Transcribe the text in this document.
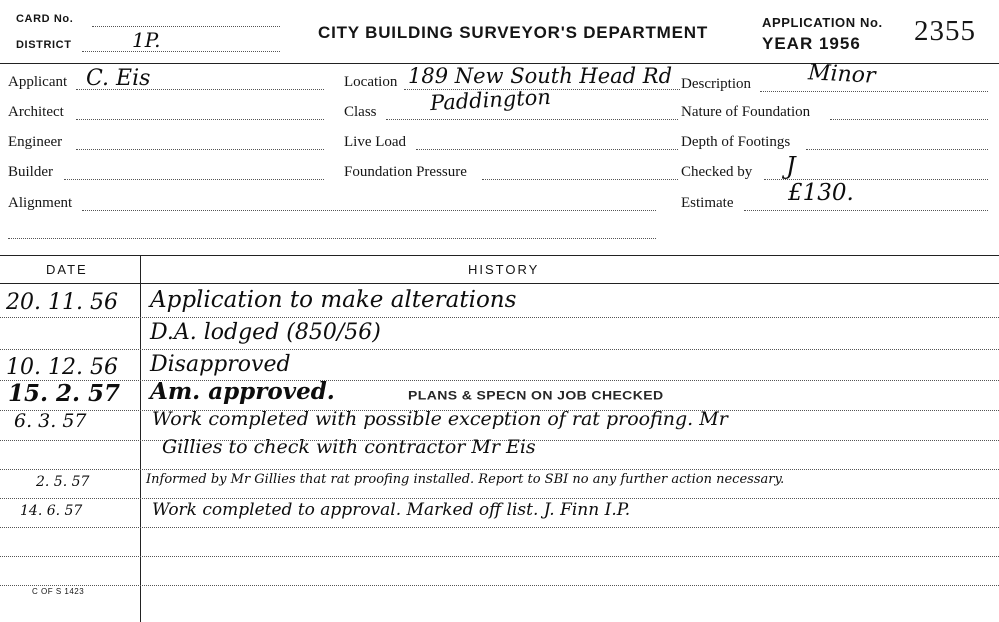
CARD No.
DISTRICT	1P.	CITY BUILDING SURVEYOR'S DEPARTMENT
APPLICATION No.
YEAR 1956 2355
Applicant C. Eis
Architect
Engineer
Builder
Alignment
Location 189 New South Head Rd
Class	Paddington
Live Load
Foundation Pressure
Description	Minor
Nature of Foundation
Depth of Footings
Checked by J
Estimate £130.
DATE	HISTORY
20. 11. 56 Application to make alterations
D.A. lodged (850/56)
10. 12. 56 Disapproved
15. 2. 57 Am. approved.	PLANS & SPECN ON JOB CHECKED
6. 3. 57	Work completed with possible exception of rat proofing. Mr
Gillies to check with contractor Mr Eis
2. 5. 57	Informed by Mr Gillies that rat proofing installed. Report to SBI no any further action necessary.
14. 6. 57	Work completed to approval. Marked off list. J. Finn I.P.
C OF S 1423
